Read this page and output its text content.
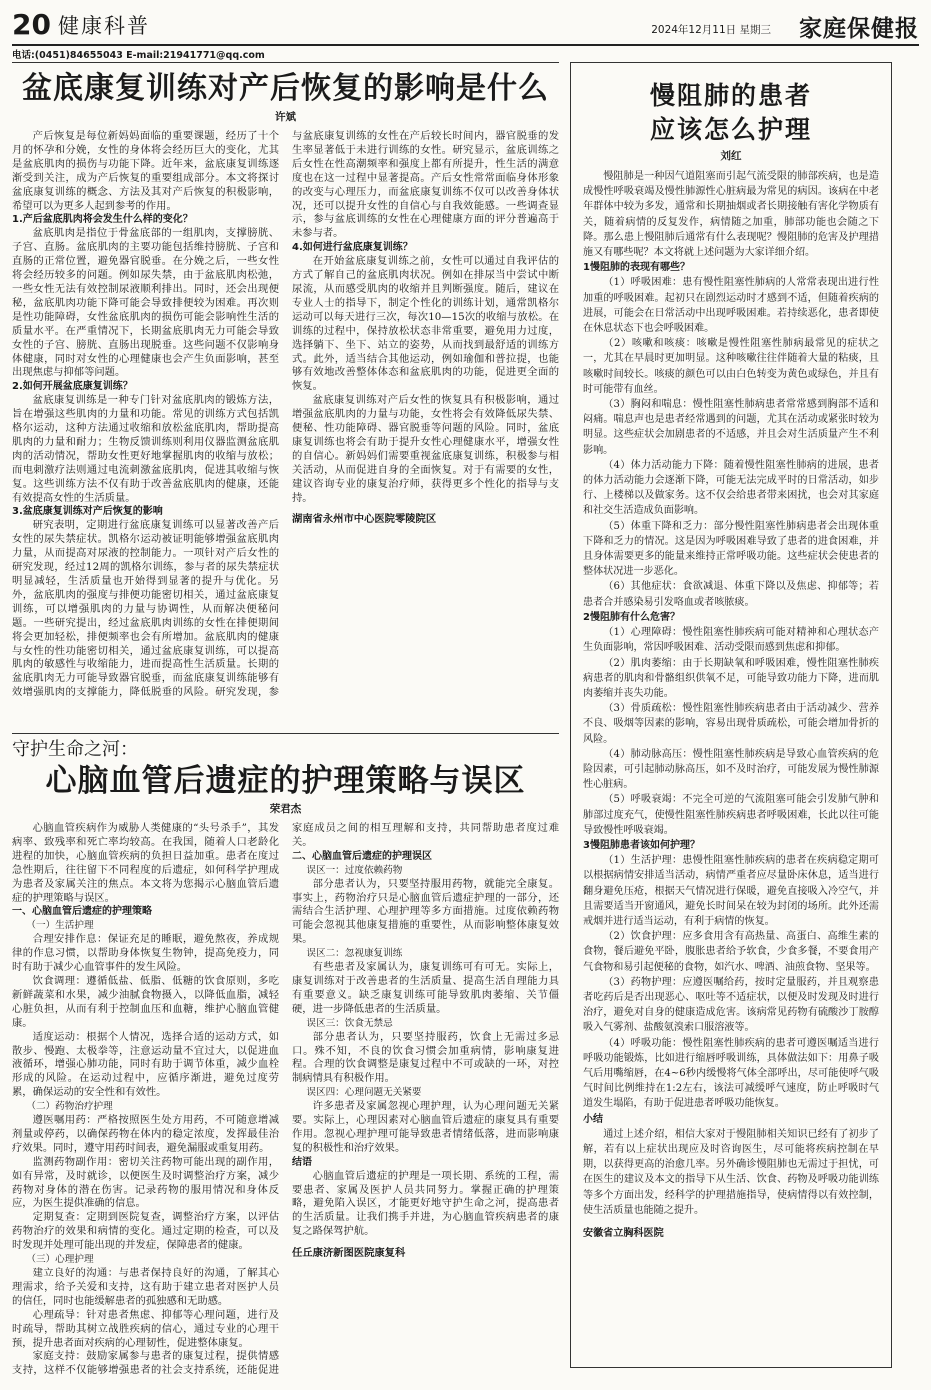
20 健康科普	2024年12月11日 星期三 家庭保健报
电话:(0451)84655043 E-mail:21941771@qq.com
盆底康复训练对产后恢复的影响是什么
许斌

产后恢复是每位新妈妈面临的重要课题，经历了十个月的怀孕和分娩，女性的身体将会经历巨大的变化，尤其是盆底肌肉的损伤与功能下降。近年来，盆底康复训练逐渐受到关注，成为产后恢复的重要组成部分。本文将探讨盆底康复训练的概念、方法及其对产后恢复的积极影响，希望可以为更多人起到参考的作用。

1.产后盆底肌肉将会发生什么样的变化？

盆底肌肉是指位于骨盆底部的一组肌肉，支撑膀胱、子宫、直肠。盆底肌肉的主要功能包括维持膀胱、子宫和直肠的正常位置，避免器官脱垂。在分娩之后，一些女性将会经历较多的问题。例如尿失禁，由于盆底肌肉松弛，一些女性无法有效控制尿液顺利排出。同时，还会出现便秘，盆底肌肉功能下降可能会导致排便较为困难。再次则是性功能障碍，女性盆底肌肉的损伤可能会影响性生活的质量水平。在严重情况下，长期盆底肌肉无力可能会导致女性的子宫、膀胱、直肠出现脱垂。这些问题不仅影响身体健康，同时对女性的心理健康也会产生负面影响，甚至出现焦虑与抑郁等问题。

2.如何开展盆底康复训练？

盆底康复训练是一种专门针对盆底肌肉的锻炼方法，旨在增强这些肌肉的力量和功能。常见的训练方式包括凯格尔运动，这种方法通过收缩和放松盆底肌肉，帮助提高肌肉的力量和耐力；生物反馈训练则利用仪器监测盆底肌肉的活动情况，帮助女性更好地掌握肌肉的收缩与放松；而电刺激疗法则通过电流刺激盆底肌肉，促进其收缩与恢复。这些训练方法不仅有助于改善盆底肌肉的健康，还能有效提高女性的生活质量。

3.盆底康复训练对产后恢复的影响

研究表明，定期进行盆底康复训练可以显著改善产后女性的尿失禁症状。凯格尔运动被证明能够增强盆底肌肉力量，从而提高对尿液的控制能力。一项针对产后女性的研究发现，经过12周的凯格尔训练，参与者的尿失禁症状明显减轻，生活质量也开始得到显著的提升与优化。另外，盆底肌肉的强度与排便功能密切相关，通过盆底康复训练，可以增强肌肉的力量与协调性，从而解决便秘问题。一些研究提出，经过盆底肌肉训练的女性在排便期间将会更加轻松，排便频率也会有所增加。盆底肌肉的健康与女性的性功能密切相关，通过盆底康复训练，可以提高肌肉的敏感性与收缩能力，进而提高性生活质量。长期的盆底肌肉无力可能导致器官脱垂，而盆底康复训练能够有效增强肌肉的支撑能力，降低脱垂的风险。研究发现，参与盆底康复训练的女性在产后较长时间内，器官脱垂的发生率显著低于未进行训练的女性。研究显示，盆底训练之后女性在性高潮频率和强度上都有所提升，性生活的满意度也在这一过程中显著提高。产后女性常常面临身体形象的改变与心理压力，而盆底康复训练不仅可以改善身体状况，还可以提升女性的自信心与自我效能感。一些调查显示，参与盆底训练的女性在心理健康方面的评分普遍高于未参与者。

4.如何进行盆底康复训练？

在开始盆底康复训练之前，女性可以通过自我评估的方式了解自己的盆底肌肉状况。例如在排尿当中尝试中断尿流，从而感受肌肉的收缩并且判断强度。随后，建议在专业人士的指导下，制定个性化的训练计划，通常凯格尔运动可以每天进行三次，每次10—15次的收缩与放松。在训练的过程中，保持放松状态非常重要，避免用力过度，选择躺下、坐下、站立的姿势，从而找到最舒适的训练方式。此外，适当结合其他运动，例如瑜伽和普拉提，也能够有效地改善整体体态和盆底肌肉的功能，促进更全面的恢复。

盆底康复训练对产后女性的恢复具有积极影响，通过增强盆底肌肉的力量与功能，女性将会有效降低尿失禁、便秘、性功能障碍、器官脱垂等问题的风险。同时，盆底康复训练也将会有助于提升女性心理健康水平，增强女性的自信心。新妈妈们需要重视盆底康复训练，积极参与相关活动，从而促进自身的全面恢复。对于有需要的女性，建议咨询专业的康复治疗师，获得更多个性化的指导与支持。

湖南省永州市中心医院零陵院区

守护生命之河：
心脑血管后遗症的护理策略与误区
荣君杰

心脑血管疾病作为威胁人类健康的“头号杀手”，其发病率、致残率和死亡率均较高。在我国，随着人口老龄化进程的加快，心脑血管疾病的负担日益加重。患者在度过急性期后，往往留下不同程度的后遗症，如何科学护理成为患者及家属关注的焦点。本文将为您揭示心脑血管后遗症的护理策略与误区。

一、心脑血管后遗症的护理策略

（一）生活护理

合理安排作息：保证充足的睡眠，避免熬夜，养成规律的作息习惯，以帮助身体恢复生物钟，提高免疫力，同时有助于减少心血管事件的发生风险。

饮食调理：遵循低盐、低脂、低糖的饮食原则，多吃新鲜蔬菜和水果，减少油腻食物摄入，以降低血脂，减轻心脏负担，从而有利于控制血压和血糖，维护心脑血管健康。

适度运动：根据个人情况，选择合适的运动方式，如散步、慢跑、太极拳等，注意运动量不宜过大，以促进血液循环，增强心肺功能，同时有助于调节体重，减少血栓形成的风险。在运动过程中，应循序渐进，避免过度劳累，确保运动的安全性和有效性。

（二）药物治疗护理

遵医嘱用药：严格按照医生处方用药，不可随意增减剂量或停药，以确保药物在体内的稳定浓度，发挥最佳治疗效果。同时，遵守用药时间表，避免漏服或重复用药。

监测药物副作用：密切关注药物可能出现的副作用，如有异常，及时就诊，以便医生及时调整治疗方案，减少药物对身体的潜在伤害。记录药物的服用情况和身体反应，为医生提供准确的信息。

定期复查：定期到医院复查，调整治疗方案，以评估药物治疗的效果和病情的变化。通过定期的检查，可以及时发现并处理可能出现的并发症，保障患者的健康。

（三）心理护理

建立良好的沟通：与患者保持良好的沟通，了解其心理需求，给予关爱和支持，这有助于建立患者对医护人员的信任，同时也能缓解患者的孤独感和无助感。

心理疏导：针对患者焦虑、抑郁等心理问题，进行及时疏导，帮助其树立战胜疾病的信心，通过专业的心理干预，提升患者面对疾病的心理韧性，促进整体康复。

家庭支持：鼓励家属参与患者的康复过程，提供情感支持，这样不仅能够增强患者的社会支持系统，还能促进家庭成员之间的相互理解和支持，共同帮助患者度过难关。

二、心脑血管后遗症的护理误区

误区一：过度依赖药物

部分患者认为，只要坚持服用药物，就能完全康复。事实上，药物治疗只是心脑血管后遗症护理的一部分，还需结合生活护理、心理护理等多方面措施。过度依赖药物可能会忽视其他康复措施的重要性，从而影响整体康复效果。

误区二：忽视康复训练

有些患者及家属认为，康复训练可有可无。实际上，康复训练对于改善患者的生活质量、提高生活自理能力具有重要意义。缺乏康复训练可能导致肌肉萎缩、关节僵硬，进一步降低患者的生活质量。

误区三：饮食无禁忌

部分患者认为，只要坚持服药，饮食上无需过多忌口。殊不知，不良的饮食习惯会加重病情，影响康复进程。合理的饮食调整是康复过程中不可或缺的一环，对控制病情具有积极作用。

误区四：心理问题无关紧要

许多患者及家属忽视心理护理，认为心理问题无关紧要。实际上，心理因素对心脑血管后遗症的康复具有重要作用。忽视心理护理可能导致患者情绪低落，进而影响康复的积极性和治疗效果。

结语

心脑血管后遗症的护理是一项长期、系统的工程，需要患者、家属及医护人员共同努力。掌握正确的护理策略，避免陷入误区，才能更好地守护生命之河，提高患者的生活质量。让我们携手并进，为心脑血管疾病患者的康复之路保驾护航。

任丘康济新图医院康复科

慢阻肺的患者
应该怎么护理
刘红

慢阻肺是一种因气道阻塞而引起气流受限的肺部疾病，也是造成慢性呼吸衰竭及慢性肺源性心脏病最为常见的病因。该病在中老年群体中较为多发，通常和长期抽烟或者长期接触有害化学物质有关，随着病情的反复发作，病情随之加重，肺部功能也会随之下降。那么患上慢阻肺后通常有什么表现呢？慢阻肺的危害及护理措施又有哪些呢？本文将就上述问题为大家详细介绍。

1慢阻肺的表现有哪些？

（1）呼吸困难：患有慢性阻塞性肺病的人常常表现出进行性加重的呼吸困难。起初只在剧烈运动时才感到不适，但随着疾病的进展，可能会在日常活动中出现呼吸困难。若持续恶化，患者即使在休息状态下也会呼吸困难。

（2）咳嗽和咳痰：咳嗽是慢性阻塞性肺病最常见的症状之一，尤其在早晨时更加明显。这种咳嗽往往伴随着大量的粘痰，且咳嗽时间较长。咳痰的颜色可以由白色转变为黄色或绿色，并且有时可能带有血丝。

（3）胸闷和喘息：慢性阻塞性肺病患者常常感到胸部不适和闷痛。喘息声也是患者经常遇到的问题，尤其在活动或紧张时较为明显。这些症状会加剧患者的不适感，并且会对生活质量产生不利影响。

（4）体力活动能力下降：随着慢性阻塞性肺病的进展，患者的体力活动能力会逐渐下降，可能无法完成平时的日常活动，如步行、上楼梯以及做家务。这不仅会给患者带来困扰，也会对其家庭和社交生活造成负面影响。

（5）体重下降和乏力：部分慢性阻塞性肺病患者会出现体重下降和乏力的情况。这是因为呼吸困难导致了患者的进食困难，并且身体需要更多的能量来维持正常呼吸功能。这些症状会使患者的整体状况进一步恶化。

（6）其他症状：食欲减退、体重下降以及焦虑、抑郁等；若患者合并感染易引发咯血或者咳脓痰。

2慢阻肺有什么危害？

（1）心理障碍：慢性阻塞性肺疾病可能对精神和心理状态产生负面影响，常因呼吸困难、活动受限而感到焦虑和抑郁。

（2）肌肉萎缩：由于长期缺氧和呼吸困难，慢性阻塞性肺疾病患者的肌肉和骨骼组织供氧不足，可能导致功能力下降，进而肌肉萎缩并丧失功能。

（3）骨质疏松：慢性阻塞性肺疾病患者由于活动减少、营养不良、吸烟等因素的影响，容易出现骨质疏松，可能会增加骨折的风险。

（4）肺动脉高压：慢性阻塞性肺疾病是导致心血管疾病的危险因素，可引起肺动脉高压，如不及时治疗，可能发展为慢性肺源性心脏病。

（5）呼吸衰竭：不完全可逆的气流阻塞可能会引发肺气肿和肺部过度充气，使慢性阻塞性肺疾病患者呼吸困难，长此以往可能导致慢性呼吸衰竭。

3慢阻肺患者该如何护理？

（1）生活护理：患慢性阻塞性肺疾病的患者在疾病稳定期可以根据病情安排适当活动，病情严重者应尽量卧床休息，适当进行翻身避免压疮，根据天气情况进行保暖，避免直接吸入冷空气，并且需要适当开窗通风，避免长时间呆在较为封闭的场所。此外还需戒烟并进行适当运动，有利于病情的恢复。

（2）饮食护理：应多食用含有高热量、高蛋白、高维生素的食物，餐后避免平卧，腹胀患者给予软食，少食多餐，不要食用产气食物和易引起便秘的食物，如汽水、啤酒、油煎食物、坚果等。

（3）药物护理：应遵医嘱给药，按时定量服药，并且观察患者吃药后是否出现恶心、呕吐等不适症状，以便及时发现及时进行治疗，避免对自身的健康造成危害。该病常见药物有硫酸沙丁胺醇吸入气雾剂、盐酸氨溴索口服溶液等。

（4）呼吸功能：慢性阻塞性肺疾病的患者可遵医嘱适当进行呼吸功能锻炼，比如进行缩唇呼吸训练，具体做法如下：用鼻子吸气后用嘴缩唇，在4~6秒内缓慢将气体全部呼出，尽可能使呼气吸气时间比例维持在1:2左右，该法可减缓呼气速度，防止呼吸时气道发生塌陷，有助于促进患者呼吸功能恢复。

小结

通过上述介绍，相信大家对于慢阻肺相关知识已经有了初步了解，若有以上症状出现应及时咨询医生，尽可能将疾病控制在早期，以获得更高的治愈几率。另外确诊慢阻肺也无需过于担忧，可在医生的建议及本文的指导下从生活、饮食、药物及呼吸功能训练等多个方面出发，经科学的护理措施指导，使病情得以有效控制，使生活质量也能随之提升。

安徽省立胸科医院
